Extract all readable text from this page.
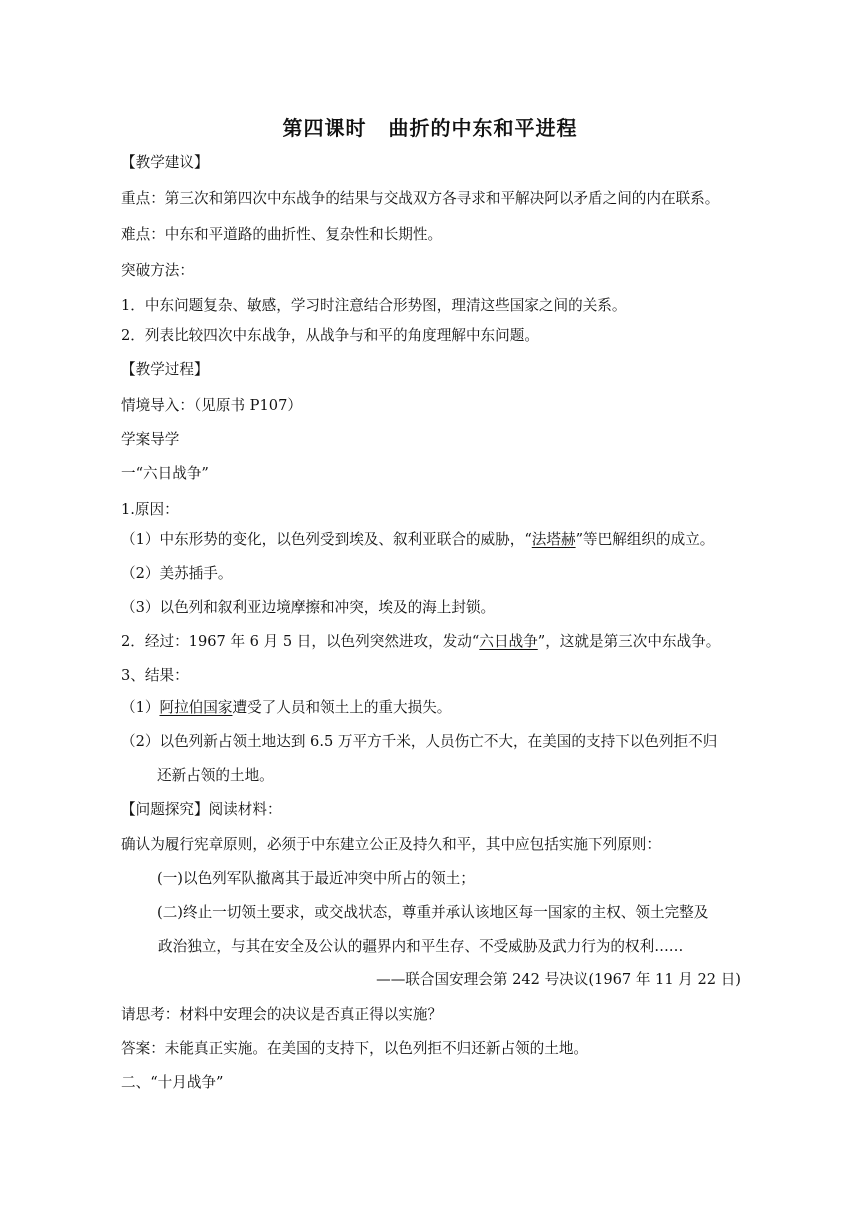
第四课时 曲折的中东和平进程
【教学建议】
重点：第三次和第四次中东战争的结果与交战双方各寻求和平解决阿以矛盾之间的内在联系。
难点：中东和平道路的曲折性、复杂性和长期性。
突破方法：
1．中东问题复杂、敏感，学习时注意结合形势图，理清这些国家之间的关系。
2．列表比较四次中东战争，从战争与和平的角度理解中东问题。
【教学过程】
情境导入：（见原书 P107）
学案导学
一“六日战争”
1.原因：
（1）中东形势的变化，以色列受到埃及、叙利亚联合的威胁，“法塔赫”等巴解组织的成立。
（2）美苏插手。
（3）以色列和叙利亚边境摩擦和冲突，埃及的海上封锁。
2．经过：1967 年 6 月 5 日，以色列突然进攻，发动“六日战争”，这就是第三次中东战争。
3、结果：
（1）阿拉伯国家遭受了人员和领土上的重大损失。
（2）以色列新占领土地达到 6.5 万平方千米，人员伤亡不大，在美国的支持下以色列拒不归
还新占领的土地。
【问题探究】阅读材料：
确认为履行宪章原则，必须于中东建立公正及持久和平，其中应包括实施下列原则：
(一)以色列军队撤离其于最近冲突中所占的领土；
(二)终止一切领土要求，或交战状态，尊重并承认该地区每一国家的主权、领土完整及
政治独立，与其在安全及公认的疆界内和平生存、不受威胁及武力行为的权利……
——联合国安理会第 242 号决议(1967 年 11 月 22 日)
请思考：材料中安理会的决议是否真正得以实施？
答案：未能真正实施。在美国的支持下，以色列拒不归还新占领的土地。
二、“十月战争”
